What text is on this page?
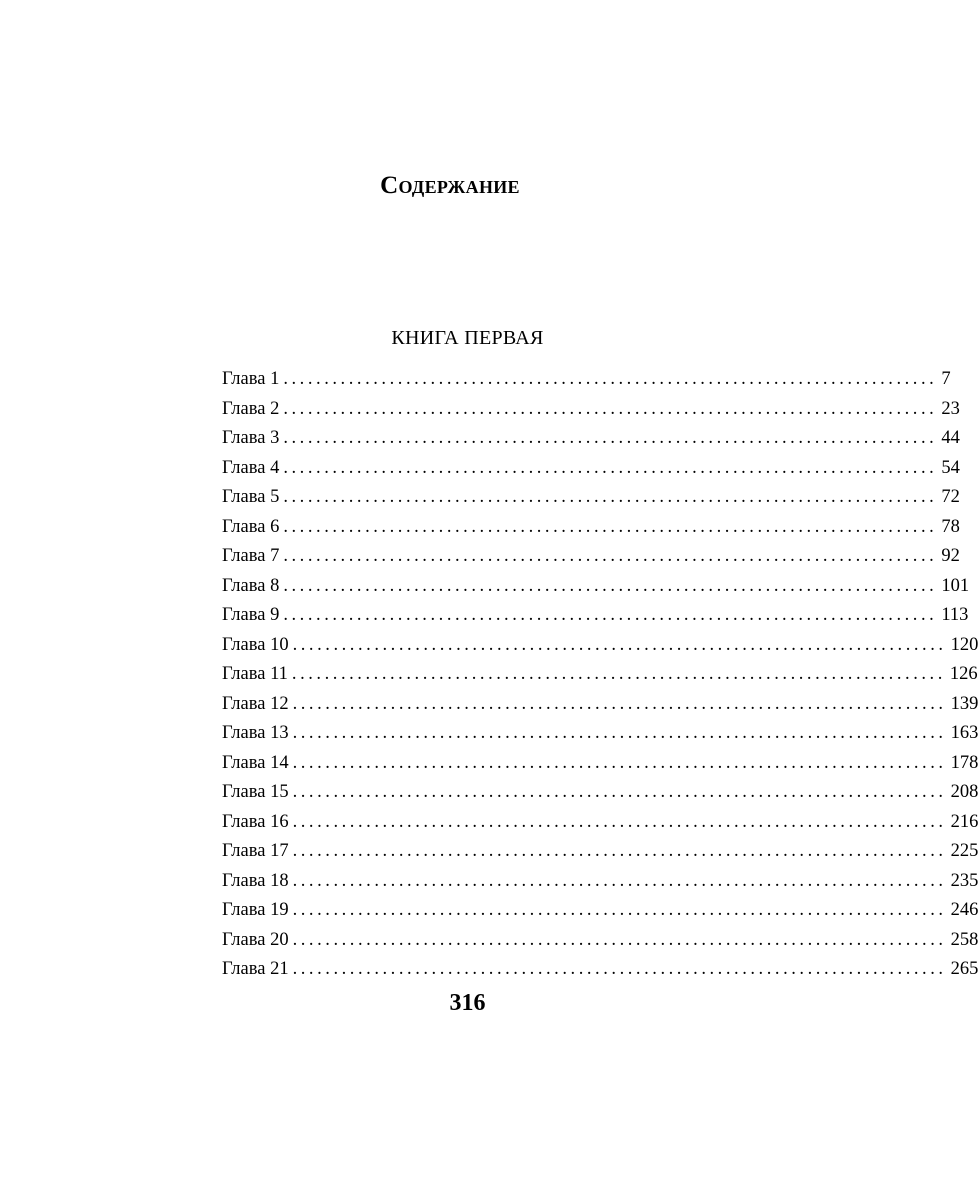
Содержание
КНИГА ПЕРВАЯ
Глава 1 ................................................................................ 7
Глава 2 ................................................................................ 23
Глава 3 ................................................................................ 44
Глава 4 ................................................................................ 54
Глава 5 ................................................................................ 72
Глава 6 ................................................................................ 78
Глава 7 ................................................................................ 92
Глава 8 ................................................................................ 101
Глава 9 ................................................................................ 113
Глава 10 ................................................................................ 120
Глава 11 ................................................................................ 126
Глава 12 ................................................................................ 139
Глава 13 ................................................................................ 163
Глава 14 ................................................................................ 178
Глава 15 ................................................................................ 208
Глава 16 ................................................................................ 216
Глава 17 ................................................................................ 225
Глава 18 ................................................................................ 235
Глава 19 ................................................................................ 246
Глава 20 ................................................................................ 258
Глава 21 ................................................................................ 265
316
